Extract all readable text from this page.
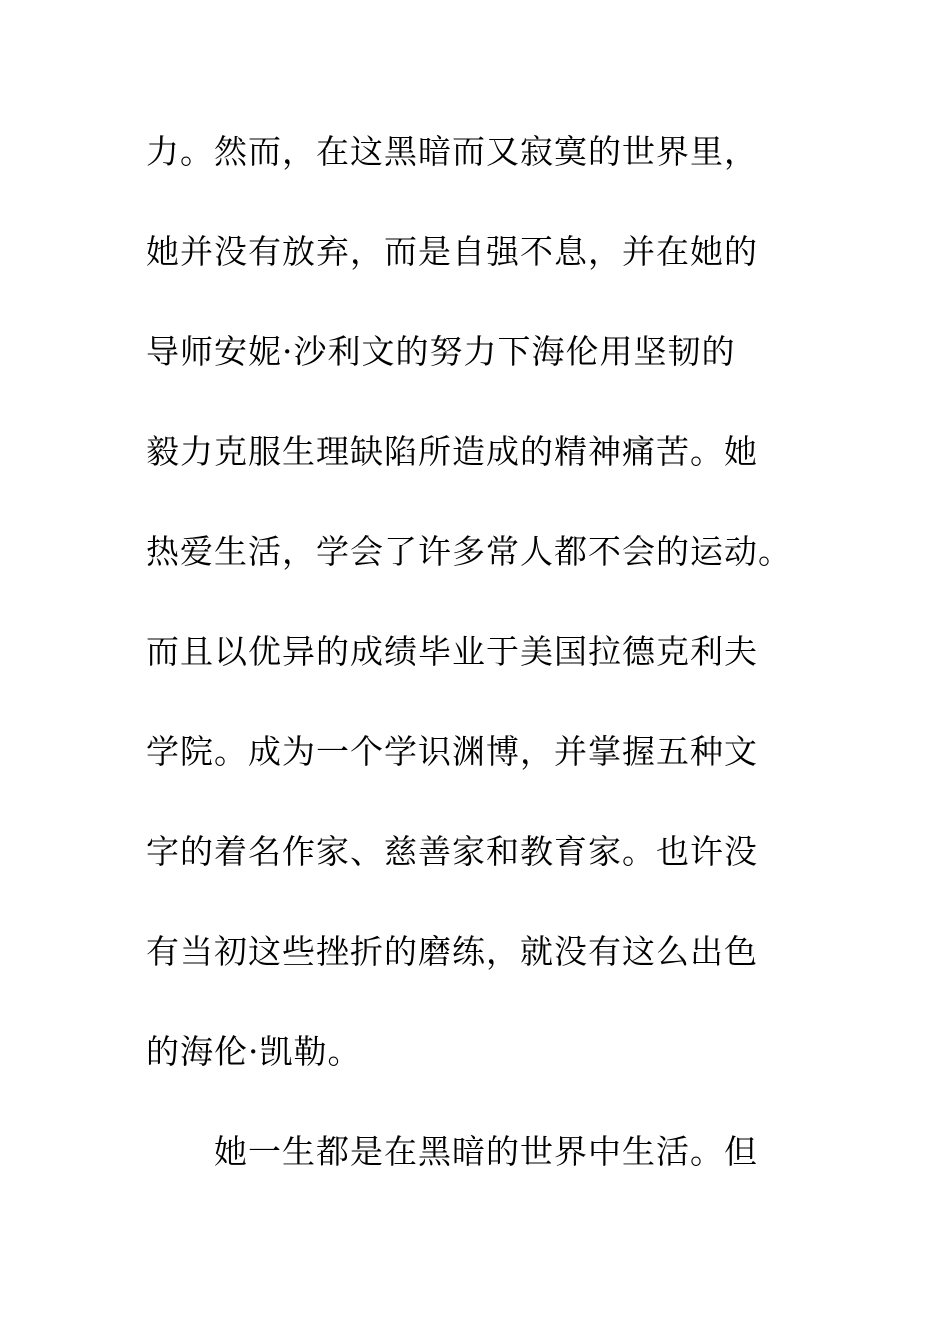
力。然而，在这黑暗而又寂寞的世界里，
她并没有放弃，而是自强不息，并在她的
导师安妮·沙利文的努力下海伦用坚韧的
毅力克服生理缺陷所造成的精神痛苦。她
热爱生活，学会了许多常人都不会的运动。
而且以优异的成绩毕业于美国拉德克利夫
学院。成为一个学识渊博，并掌握五种文
字的着名作家、慈善家和教育家。也许没
有当初这些挫折的磨练，就没有这么出色
的海伦·凯勒。
她一生都是在黑暗的世界中生活。但
